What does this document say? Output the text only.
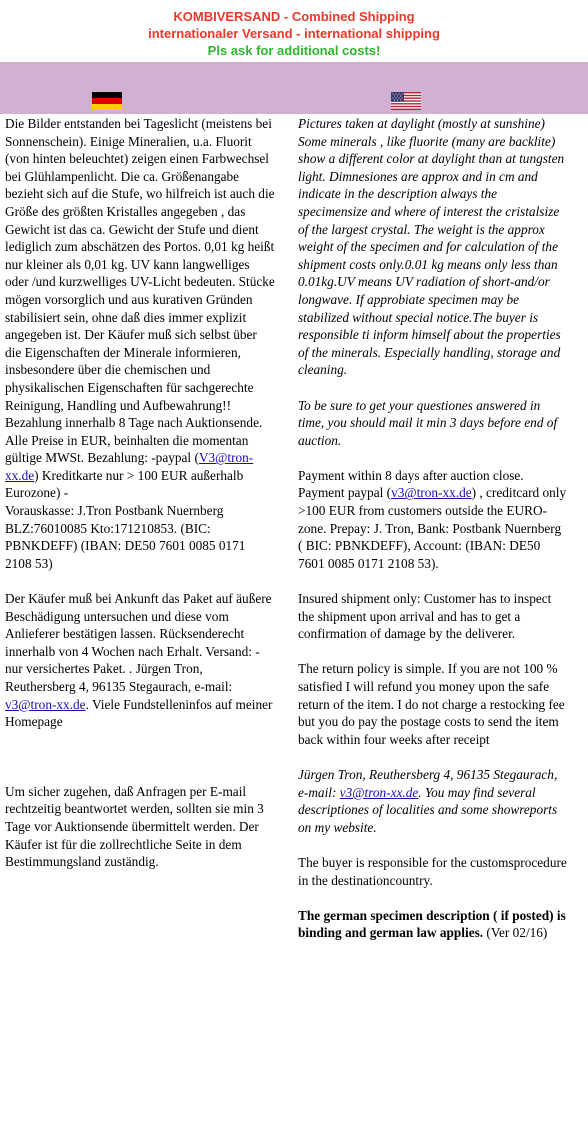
KOMBIVERSAND - Combined Shipping
internationaler Versand - international shipping
Pls ask for additional costs!

Die Bilder entstanden bei Tageslicht (meistens bei Sonnenschein). Einige Mineralien, u.a. Fluorit (von hinten beleuchtet) zeigen einen Farbwechsel bei Glühlampenlicht. Die ca. Größenangabe bezieht sich auf die Stufe, wo hilfreich ist auch die Größe des größten Kristalles angegeben , das Gewicht ist das ca. Gewicht der Stufe und dient lediglich zum abschätzen des Portos. 0,01 kg heißt nur kleiner als 0,01 kg. UV kann langwelliges oder /und kurzwelliges UV-Licht bedeuten. Stücke mögen vorsorglich und aus kurativen Gründen stabilisiert sein, ohne daß dies immer explizit angegeben ist. Der Käufer muß sich selbst über die Eigenschaften der Minerale informieren, insbesondere über die chemischen und physikalischen Eigenschaften für sachgerechte Reinigung, Handling und Aufbewahrung!! Bezahlung innerhalb 8 Tage nach Auktionsende. Alle Preise in EUR, beinhalten die momentan gültige MWSt. Bezahlung: -paypal (V3@tron-xx.de) Kreditkarte nur > 100 EUR außerhalb Eurozone) -
Vorauskasse: J.Tron Postbank Nuernberg BLZ:76010085 Kto:171210853. (BIC: PBNKDEFF) (IBAN: DE50 7601 0085 0171 2108 53)

Der Käufer muß bei Ankunft das Paket auf äußere Beschädigung untersuchen und diese vom Anlieferer bestätigen lassen. Rücksenderecht innerhalb von 4 Wochen nach Erhalt. Versand: -nur versichertes Paket. . Jürgen Tron, Reuthersberg 4, 96135 Stegaurach, e-mail: v3@tron-xx.de. Viele Fundstelleninfos auf meiner Homepage

Um sicher zugehen, daß Anfragen per E-mail rechtzeitig beantwortet werden, sollten sie min 3 Tage vor Auktionsende übermittelt werden. Der Käufer ist für die zollrechtliche Seite in dem Bestimmungsland zuständig.

Pictures taken at daylight (mostly at sunshine) Some minerals , like fluorite (many are backlite) show a different color at daylight than at tungsten light. Dimnesiones are approx and in cm and indicate in the description always the specimensize and where of interest the cristalsize of the largest crystal. The weight is the approx weight of the specimen and for calculation of the shipment costs only.0.01 kg means only less than 0.01kg.UV means UV radiation of short-and/or longwave. If approbiate specimen may be stabilized without special notice.The buyer is responsible ti inform himself about the properties of the minerals. Especially handling, storage and cleaning.

To be sure to get your questiones answered in time, you should mail it min 3 days before end of auction.

Payment within 8 days after auction close. Payment paypal (v3@tron-xx.de) , creditcard only >100 EUR from customers outside the EURO-zone. Prepay: J. Tron, Bank: Postbank Nuernberg ( BIC: PBNKDEFF), Account: (IBAN: DE50 7601 0085 0171 2108 53).

Insured shipment only: Customer has to inspect the shipment upon arrival and has to get a confirmation of damage by the deliverer.

The return policy is simple. If you are not 100 % satisfied I will refund you money upon the safe return of the item. I do not charge a restocking fee but you do pay the postage costs to send the item back within four weeks after receipt

Jürgen Tron, Reuthersberg 4, 96135 Stegaurach, e-mail: v3@tron-xx.de. You may find several descriptiones of localities and some showreports on my website.

The buyer is responsible for the customsprocedure in the destinationcountry.

The german specimen description ( if posted) is binding and german law applies. (Ver 02/16)
